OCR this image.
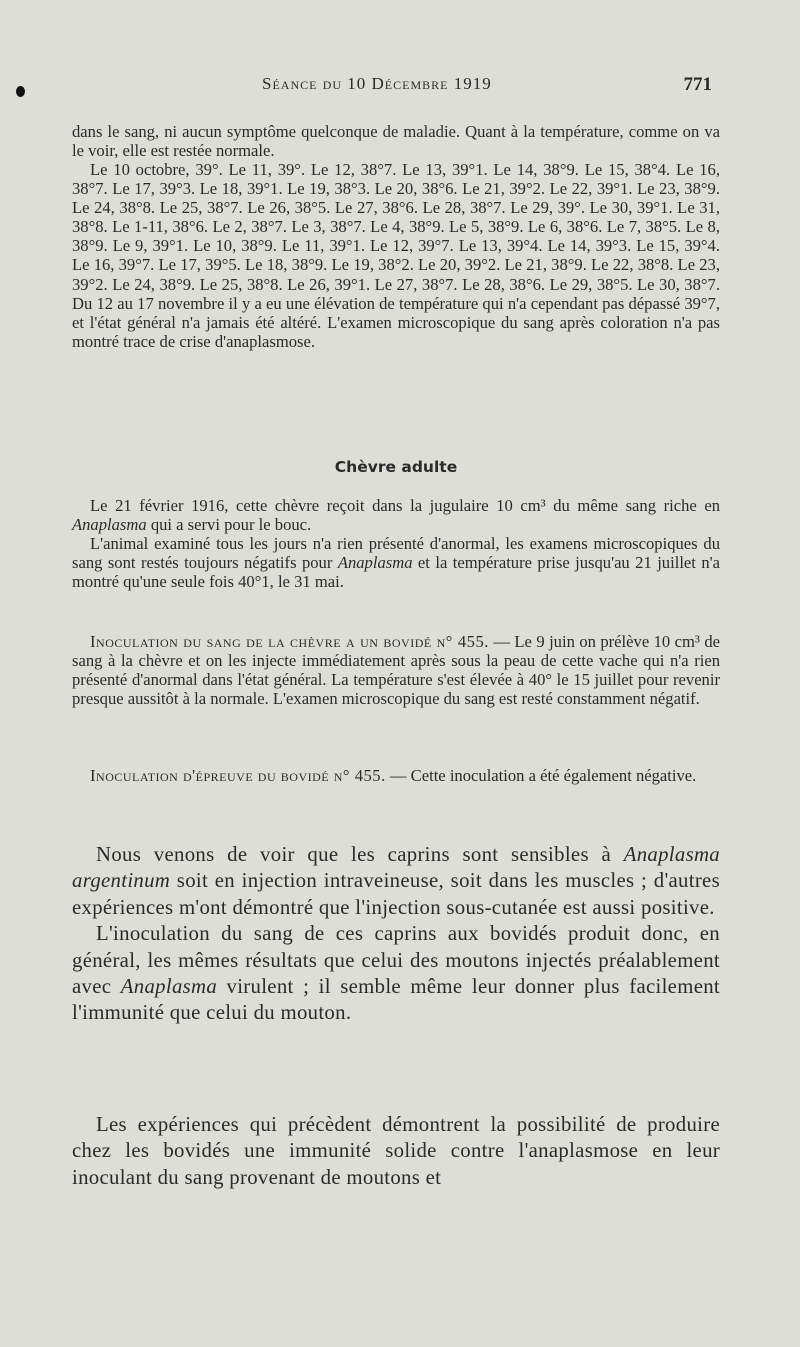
Séance du 10 Décembre 1919	771

dans le sang, ni aucun symptôme quelconque de maladie. Quant à la température, comme on va le voir, elle est restée normale.

Le 10 octobre, 39°. Le 11, 39°. Le 12, 38°7. Le 13, 39°1. Le 14, 38°9. Le 15, 38°4. Le 16, 38°7. Le 17, 39°3. Le 18, 39°1. Le 19, 38°3. Le 20, 38°6. Le 21, 39°2. Le 22, 39°1. Le 23, 38°9. Le 24, 38°8. Le 25, 38°7. Le 26, 38°5. Le 27, 38°6. Le 28, 38°7. Le 29, 39°. Le 30, 39°1. Le 31, 38°8. Le 1-11, 38°6. Le 2, 38°7. Le 3, 38°7. Le 4, 38°9. Le 5, 38°9. Le 6, 38°6. Le 7, 38°5. Le 8, 38°9. Le 9, 39°1. Le 10, 38°9. Le 11, 39°1. Le 12, 39°7. Le 13, 39°4. Le 14, 39°3. Le 15, 39°4. Le 16, 39°7. Le 17, 39°5. Le 18, 38°9. Le 19, 38°2. Le 20, 39°2. Le 21, 38°9. Le 22, 38°8. Le 23, 39°2. Le 24, 38°9. Le 25, 38°8. Le 26, 39°1. Le 27, 38°7. Le 28, 38°6. Le 29, 38°5. Le 30, 38°7. Du 12 au 17 novembre il y a eu une élévation de température qui n'a cependant pas dépassé 39°7, et l'état général n'a jamais été altéré. L'examen microscopique du sang après coloration n'a pas montré trace de crise d'anaplasmose.

Chèvre adulte

Le 21 février 1916, cette chèvre reçoit dans la jugulaire 10 cm³ du même sang riche en Anaplasma qui a servi pour le bouc.

L'animal examiné tous les jours n'a rien présenté d'anormal, les examens microscopiques du sang sont restés toujours négatifs pour Anaplasma et la température prise jusqu'au 21 juillet n'a montré qu'une seule fois 40°1, le 31 mai.

Inoculation du sang de la chèvre a un bovidé n° 455. — Le 9 juin on prélève 10 cm³ de sang à la chèvre et on les injecte immédiatement après sous la peau de cette vache qui n'a rien présenté d'anormal dans l'état général. La température s'est élevée à 40° le 15 juillet pour revenir presque aussitôt à la normale. L'examen microscopique du sang est resté constamment négatif.

Inoculation d'épreuve du bovidé n° 455. — Cette inoculation a été également négative.

Nous venons de voir que les caprins sont sensibles à Anaplasma argentinum soit en injection intraveineuse, soit dans les muscles ; d'autres expériences m'ont démontré que l'injection sous-cutanée est aussi positive.

L'inoculation du sang de ces caprins aux bovidés produit donc, en général, les mêmes résultats que celui des moutons injectés préalablement avec Anaplasma virulent ; il semble même leur donner plus facilement l'immunité que celui du mouton.

Les expériences qui précèdent démontrent la possibilité de produire chez les bovidés une immunité solide contre l'anaplasmose en leur inoculant du sang provenant de moutons et
